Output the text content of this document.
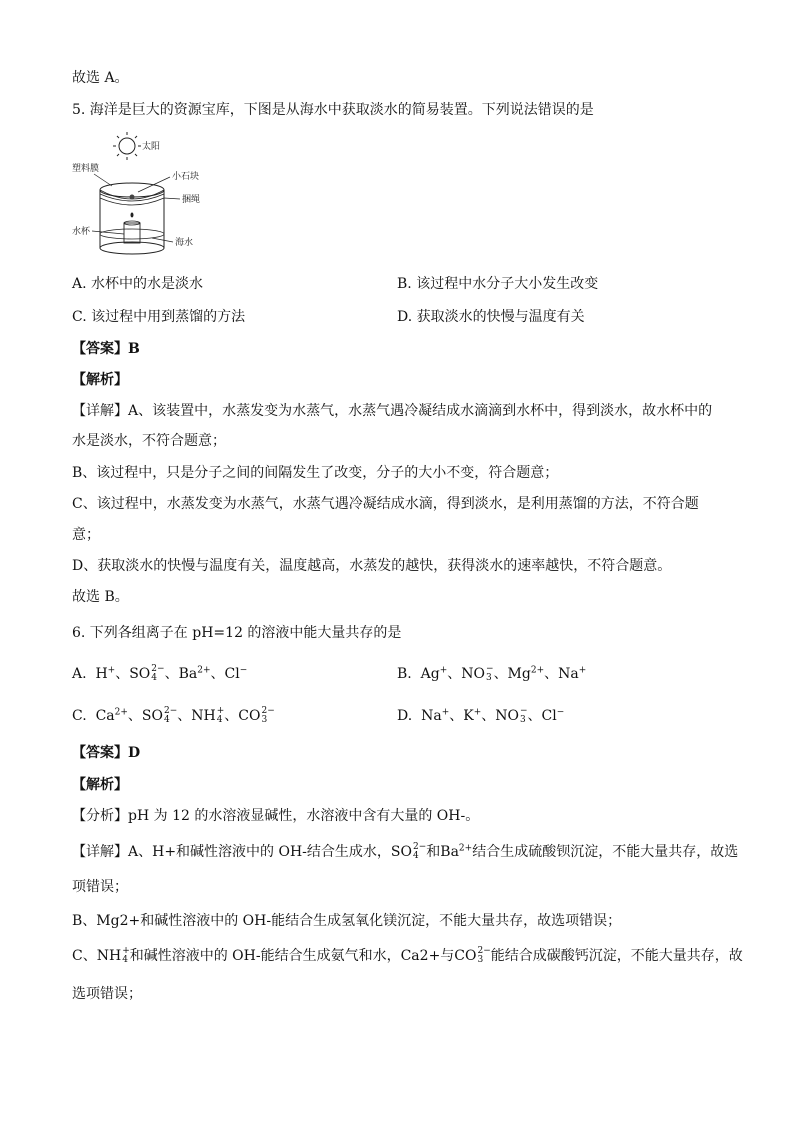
故选 A。
5. 海洋是巨大的资源宝库，下图是从海水中获取淡水的简易装置。下列说法错误的是
太阳
塑料膜
小石块
捆绳
水杯
海水
A. 水杯中的水是淡水	B. 该过程中水分子大小发生改变
C. 该过程中用到蒸馏的方法	D. 获取淡水的快慢与温度有关
【答案】B
【解析】
【详解】A、该装置中，水蒸发变为水蒸气，水蒸气遇冷凝结成水滴滴到水杯中，得到淡水，故水杯中的
水是淡水，不符合题意；
B、该过程中，只是分子之间的间隔发生了改变，分子的大小不变，符合题意；
C、该过程中，水蒸发变为水蒸气，水蒸气遇冷凝结成水滴，得到淡水，是利用蒸馏的方法，不符合题
意；
D、获取淡水的快慢与温度有关，温度越高，水蒸发的越快，获得淡水的速率越快，不符合题意。
故选 B。
6. 下列各组离子在 pH=12 的溶液中能大量共存的是
A.  H+、SO 2−
4 、$Ba^{2+}$、Cl−	B.  Ag+、NO −
3 、$Mg^{2+}$、Na+
C.  $Ca^{2+}$、SO 2−
4 、NH +
4 、CO 2−
3	D.  Na+、K+、NO −
3 、Cl−
【答案】D
【解析】
【分析】pH 为 12 的水溶液显碱性，水溶液中含有大量的 OH-。
【详解】A、H+和碱性溶液中的 OH-结合生成水，SO 2−
4 和$Ba^{2+}$结合生成硫酸钡沉淀，不能大量共存，故选
项错误；
B、Mg2+和碱性溶液中的 OH-能结合生成氢氧化镁沉淀，不能大量共存，故选项错误；
C、NH +
4 和碱性溶液中的 OH-能结合生成氨气和水，Ca2+与CO 2−
3 能结合成碳酸钙沉淀，不能大量共存，故
选项错误；
